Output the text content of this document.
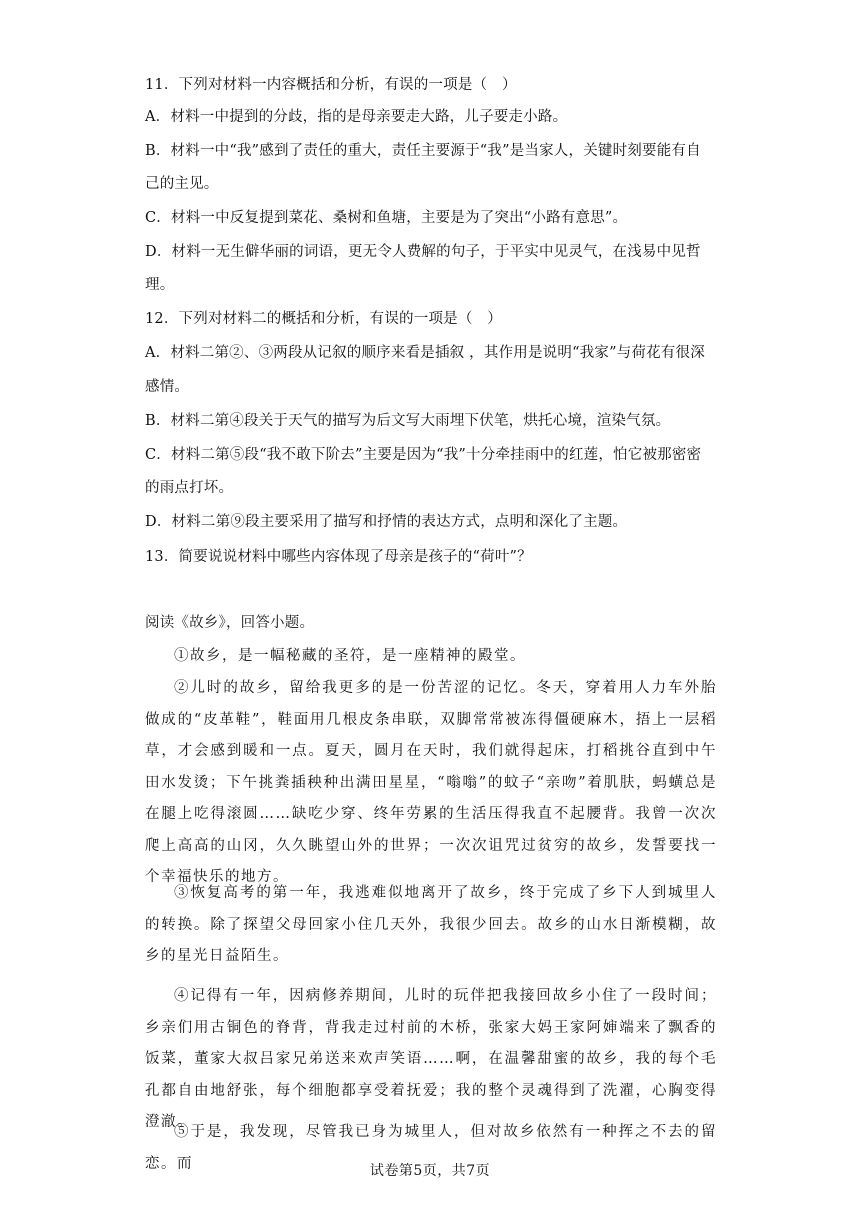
11．下列对材料一内容概括和分析，有误的一项是（　）
A．材料一中提到的分歧，指的是母亲要走大路，儿子要走小路。
B．材料一中“我”感到了责任的重大，责任主要源于“我”是当家人，关键时刻要能有自
己的主见。
C．材料一中反复提到菜花、桑树和鱼塘，主要是为了突出“小路有意思”。
D．材料一无生僻华丽的词语，更无令人费解的句子，于平实中见灵气，在浅易中见哲
理。
12．下列对材料二的概括和分析，有误的一项是（　）
A．材料二第②、③两段从记叙的顺序来看是插叙 ，其作用是说明“我家”与荷花有很深
感情。
B．材料二第④段关于天气的描写为后文写大雨埋下伏笔，烘托心境，渲染气氛。
C．材料二第⑤段“我不敢下阶去”主要是因为“我”十分牵挂雨中的红莲，怕它被那密密
的雨点打坏。
D．材料二第⑨段主要采用了描写和抒情的表达方式，点明和深化了主题。
13．简要说说材料中哪些内容体现了母亲是孩子的“荷叶”？
阅读《故乡》，回答小题。
①故乡，是一幅秘藏的圣符，是一座精神的殿堂。
②儿时的故乡，留给我更多的是一份苦涩的记忆。冬天，穿着用人力车外胎做成的“皮革鞋”，鞋面用几根皮条串联，双脚常常被冻得僵硬麻木，捂上一层稻草，才会感到暖和一点。夏天，圆月在天时，我们就得起床，打稻挑谷直到中午田水发烫；下午挑粪插秧种出满田星星，“嗡嗡”的蚊子“亲吻”着肌肤，蚂蟥总是在腿上吃得滚圆……缺吃少穿、终年劳累的生活压得我直不起腰背。我曾一次次爬上高高的山冈，久久眺望山外的世界；一次次诅咒过贫穷的故乡，发誓要找一个幸福快乐的地方。
③恢复高考的第一年，我逃难似地离开了故乡，终于完成了乡下人到城里人的转换。除了探望父母回家小住几天外，我很少回去。故乡的山水日渐模糊，故乡的星光日益陌生。
④记得有一年，因病修养期间，儿时的玩伴把我接回故乡小住了一段时间；乡亲们用古铜色的脊背，背我走过村前的木桥，张家大妈王家阿婶端来了飘香的饭菜，董家大叔吕家兄弟送来欢声笑语……啊，在温馨甜蜜的故乡，我的每个毛孔都自由地舒张，每个细胞都享受着抚爱；我的整个灵魂得到了洗濯，心胸变得澄澈。
⑤于是，我发现，尽管我已身为城里人，但对故乡依然有一种挥之不去的留恋。而	试卷第5页，共7页
